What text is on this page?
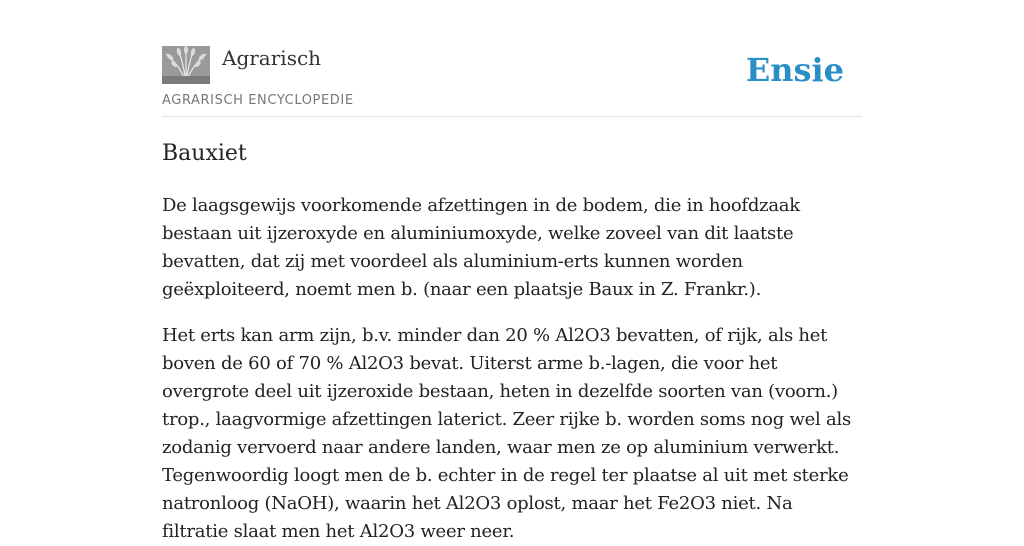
Agrarisch
AGRARISCH ENCYCLOPEDIE
Ensie
Bauxiet

De laagsgewijs voorkomende afzettingen in de bodem, die in hoofdzaak bestaan uit ijzeroxyde en aluminiumoxyde, welke zoveel van dit laatste bevatten, dat zij met voordeel als aluminium-erts kunnen worden geëxploiteerd, noemt men b. (naar een plaatsje Baux in Z. Frankr.).

Het erts kan arm zijn, b.v. minder dan 20 % Al2O3 bevatten, of rijk, als het boven de 60 of 70 % Al2O3 bevat. Uiterst arme b.-lagen, die voor het overgrote deel uit ijzeroxide bestaan, heten in dezelfde soorten van (voorn.) trop., laagvormige afzettingen laterict. Zeer rijke b. worden soms nog wel als zodanig vervoerd naar andere landen, waar men ze op aluminium verwerkt. Tegenwoordig loogt men de b. echter in de regel ter plaatse al uit met sterke natronloog (NaOH), waarin het Al2O3 oplost, maar het Fe2O3 niet. Na filtratie slaat men het Al2O3 weer neer.
